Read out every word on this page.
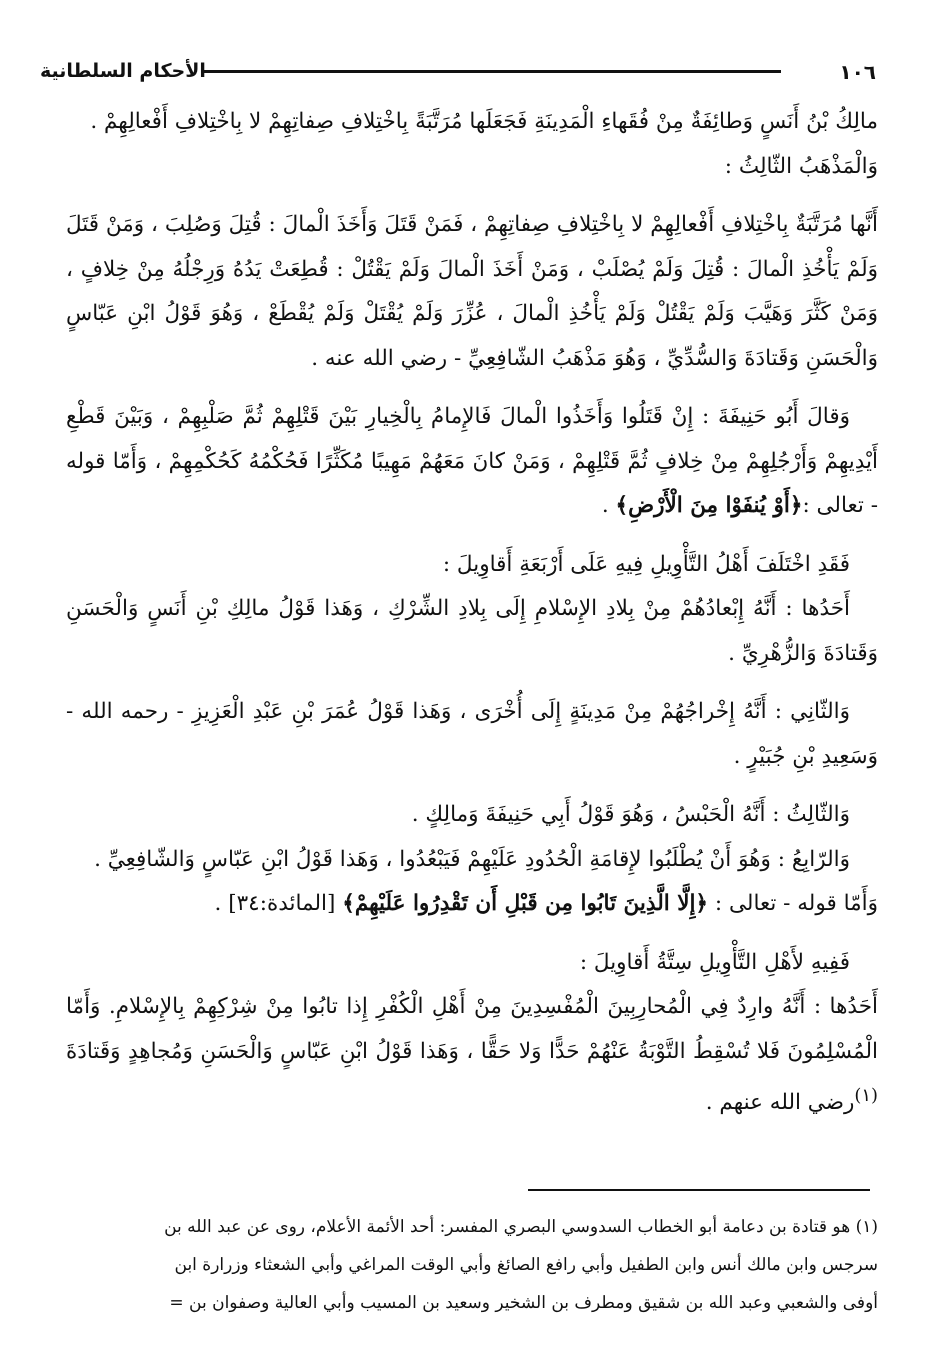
الأحكام السلطانية	١٠٦

مالِكُ بْنُ أَنَسٍ وَطائِفَةٌ مِنْ فُقَهاءِ الْمَدِينَةِ فَجَعَلَها مُرَتَّبَةً بِاخْتِلافِ صِفاتِهِمْ لا بِاخْتِلافِ أَفْعالِهِمْ .

وَالْمَذْهَبُ الثّالِثُ :

أَنَّها مُرَتَّبَةٌ بِاخْتِلافِ أَفْعالِهِمْ لا بِاخْتِلافِ صِفاتِهِمْ ، فَمَنْ قَتَلَ وَأَخَذَ الْمالَ : قُتِلَ وَصُلِبَ ، وَمَنْ قَتَلَ وَلَمْ يَأْخُذِ الْمالَ : قُتِلَ وَلَمْ يُصْلَبْ ، وَمَنْ أَخَذَ الْمالَ وَلَمْ يَقْتُلْ : قُطِعَتْ يَدُهُ وَرِجْلُهُ مِنْ خِلافٍ ، وَمَنْ كَثَّرَ وَهَيَّبَ وَلَمْ يَقْتُلْ وَلَمْ يَأْخُذِ الْمالَ ، عُزِّرَ وَلَمْ يُقْتَلْ وَلَمْ يُقْطَعْ ، وَهُوَ قَوْلُ ابْنِ عَبّاسٍ وَالْحَسَنِ وَقَتادَةَ وَالسُّدِّيِّ ، وَهُوَ مَذْهَبُ الشّافِعِيِّ - رضي الله عنه .

وَقالَ أَبُو حَنِيفَةَ : إِنْ قَتَلُوا وَأَخَذُوا الْمالَ فَالإِمامُ بِالْخِيارِ بَيْنَ قَتْلِهِمْ ثُمَّ صَلْبِهِمْ ، وَبَيْنَ قَطْعِ أَيْدِيهِمْ وَأَرْجُلِهِمْ مِنْ خِلافٍ ثُمَّ قَتْلِهِمْ ، وَمَنْ كانَ مَعَهُمْ مَهِيبًا مُكَثِّرًا فَحُكْمُهُ كَحُكْمِهِمْ ، وَأَمّا قوله - تعالى :﴿أَوْ يُنفَوْا مِنَ الْأَرْضِ﴾ .

فَقَدِ اخْتَلَفَ أَهْلُ التَّأْوِيلِ فِيهِ عَلَى أَرْبَعَةِ أَقاوِيلَ :

أَحَدُها : أَنَّهُ إِبْعادُهُمْ مِنْ بِلادِ الإِسْلامِ إِلَى بِلادِ الشِّرْكِ ، وَهَذا قَوْلُ مالِكِ بْنِ أَنَسٍ وَالْحَسَنِ وَقَتادَةَ وَالزُّهْرِيِّ .

وَالثّانِي : أَنَّهُ إِخْراجُهُمْ مِنْ مَدِينَةٍ إِلَى أُخْرَى ، وَهَذا قَوْلُ عُمَرَ بْنِ عَبْدِ الْعَزِيزِ - رحمه الله - وَسَعِيدِ بْنِ جُبَيْرٍ .

وَالثّالِثُ : أَنَّهُ الْحَبْسُ ، وَهُوَ قَوْلُ أَبِي حَنِيفَةَ وَمالِكٍ .

وَالرّابِعُ : وَهُوَ أَنْ يُطْلَبُوا لإِقامَةِ الْحُدُودِ عَلَيْهِمْ فَيَبْعُدُوا ، وَهَذا قَوْلُ ابْنِ عَبّاسٍ وَالشّافِعِيِّ .

وَأَمّا قوله - تعالى : ﴿إِلَّا الَّذِينَ تَابُوا مِن قَبْلِ أَن تَقْدِرُوا عَلَيْهِمْ﴾ [المائدة:٣٤] .

فَفِيهِ لأَهْلِ التَّأْوِيلِ سِتَّةُ أَقاوِيلَ :

أَحَدُها : أَنَّهُ وارِدٌ فِي الْمُحارِبِينَ الْمُفْسِدِينَ مِنْ أَهْلِ الْكُفْرِ إِذا تابُوا مِنْ شِرْكِهِمْ بِالإِسْلامِ. وَأَمّا الْمُسْلِمُونَ فَلا تُسْقِطُ التَّوْبَةُ عَنْهُمْ حَدًّا وَلا حَقًّا ، وَهَذا قَوْلُ ابْنِ عَبّاسٍ وَالْحَسَنِ وَمُجاهِدٍ وَقَتادَةَ $^{(١)}$رضي الله عنهم .

(١) هو قتادة بن دعامة أبو الخطاب السدوسي البصري المفسر: أحد الأئمة الأعلام، روى عن عبد الله بن

سرجس وابن مالك أنس وابن الطفيل وأبي رافع الصائغ وأبي الوقت المراغي وأبي الشعثاء وزرارة ابن

أوفى والشعبي وعبد الله بن شقيق ومطرف بن الشخير وسعيد بن المسيب وأبي العالية وصفوان بن =
